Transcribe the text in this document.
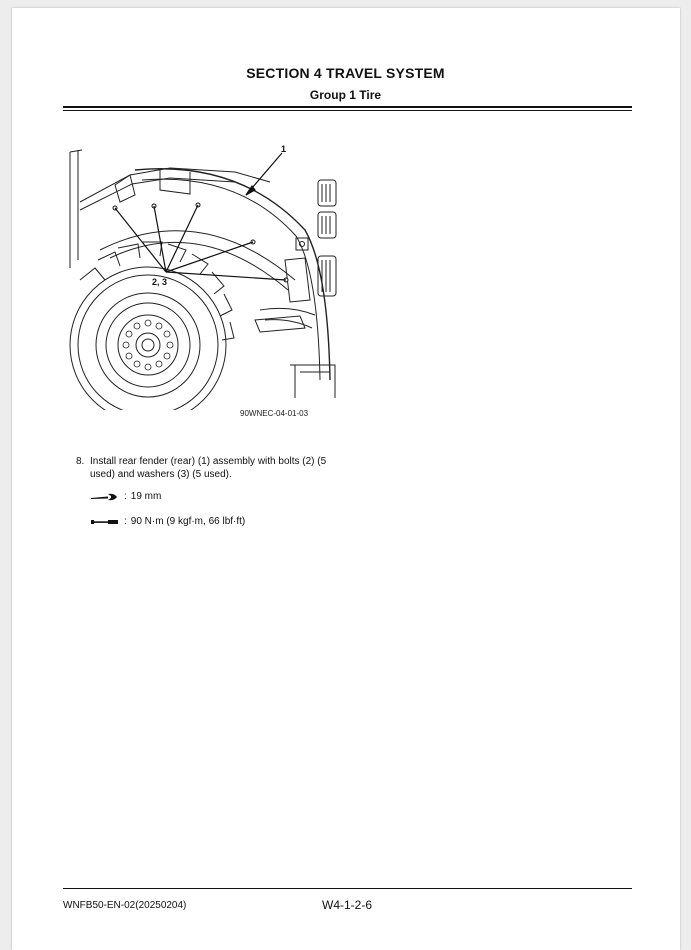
SECTION 4 TRAVEL SYSTEM
Group 1 Tire
1
2, 3
90WNEC-04-01-03
8. Install rear fender (rear) (1) assembly with bolts (2) (5 used) and washers (3) (5 used).
: 19 mm
: 90 N·m (9 kgf·m, 66 lbf·ft)
WNFB50-EN-02(20250204)	W4-1-2-6
